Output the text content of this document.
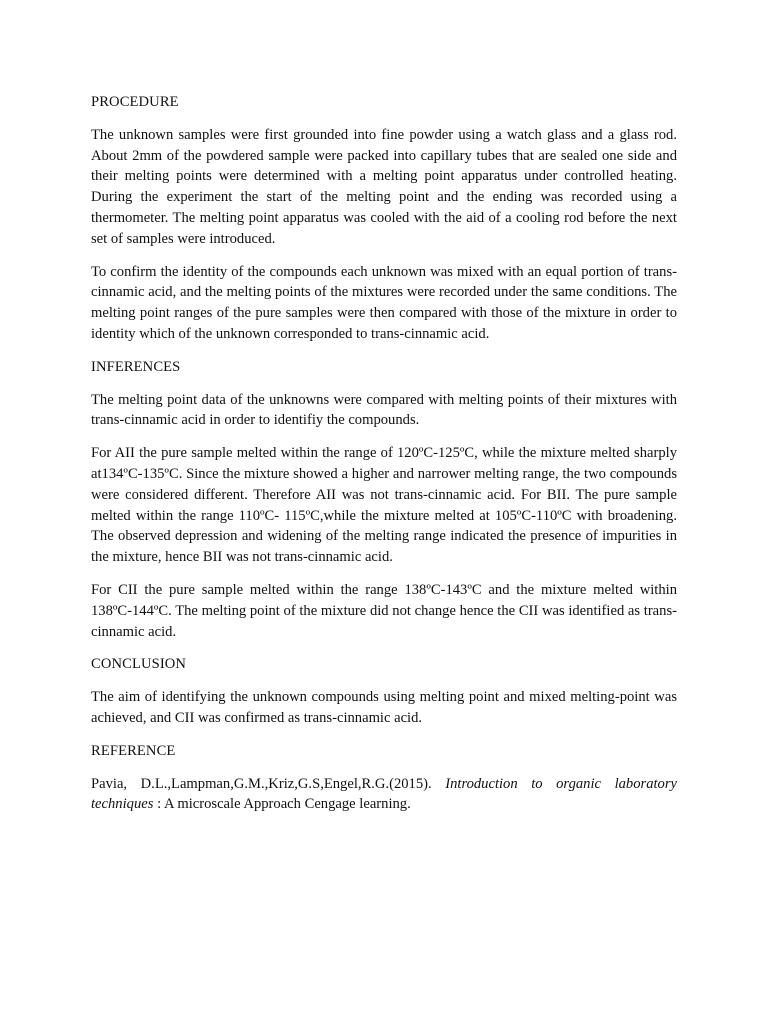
PROCEDURE

The unknown samples were first grounded into fine powder using a watch glass and a glass rod. About 2mm of the powdered sample were packed into capillary tubes that are sealed one side and their melting points were determined with a melting point apparatus under controlled heating. During the experiment the start of the melting point and the ending was recorded using a thermometer. The melting point apparatus was cooled with the aid of a cooling rod before the next set of samples were introduced.

To confirm the identity of the compounds each unknown was mixed with an equal portion of trans-cinnamic acid, and the melting points of the mixtures were recorded under the same conditions. The melting point ranges of the pure samples were then compared with those of the mixture in order to identity which of the unknown corresponded to trans-cinnamic acid.

INFERENCES

The melting point data of the unknowns were compared with melting points of their mixtures with trans-cinnamic acid in order to identifiy the compounds.

For AII the pure sample melted within the range of 120ºC-125ºC, while the mixture melted sharply at134ºC-135ºC. Since the mixture showed a higher and narrower melting range, the two compounds were considered different. Therefore AII was not trans-cinnamic acid. For BII. The pure sample melted within the range 110ºC- 115ºC,while the mixture melted at 105ºC-110ºC with broadening. The observed depression and widening of the melting range indicated the presence of impurities in the mixture, hence BII was not trans-cinnamic acid.

For CII the pure sample melted within the range 138ºC-143ºC and the mixture melted within 138ºC-144ºC. The melting point of the mixture did not change hence the CII was identified as trans-cinnamic acid.

CONCLUSION

The aim of identifying the unknown compounds using melting point and mixed melting-point was achieved, and CII was confirmed as trans-cinnamic acid.

REFERENCE

Pavia, D.L.,Lampman,G.M.,Kriz,G.S,Engel,R.G.(2015). Introduction to organic laboratory techniques : A microscale Approach Cengage learning.
